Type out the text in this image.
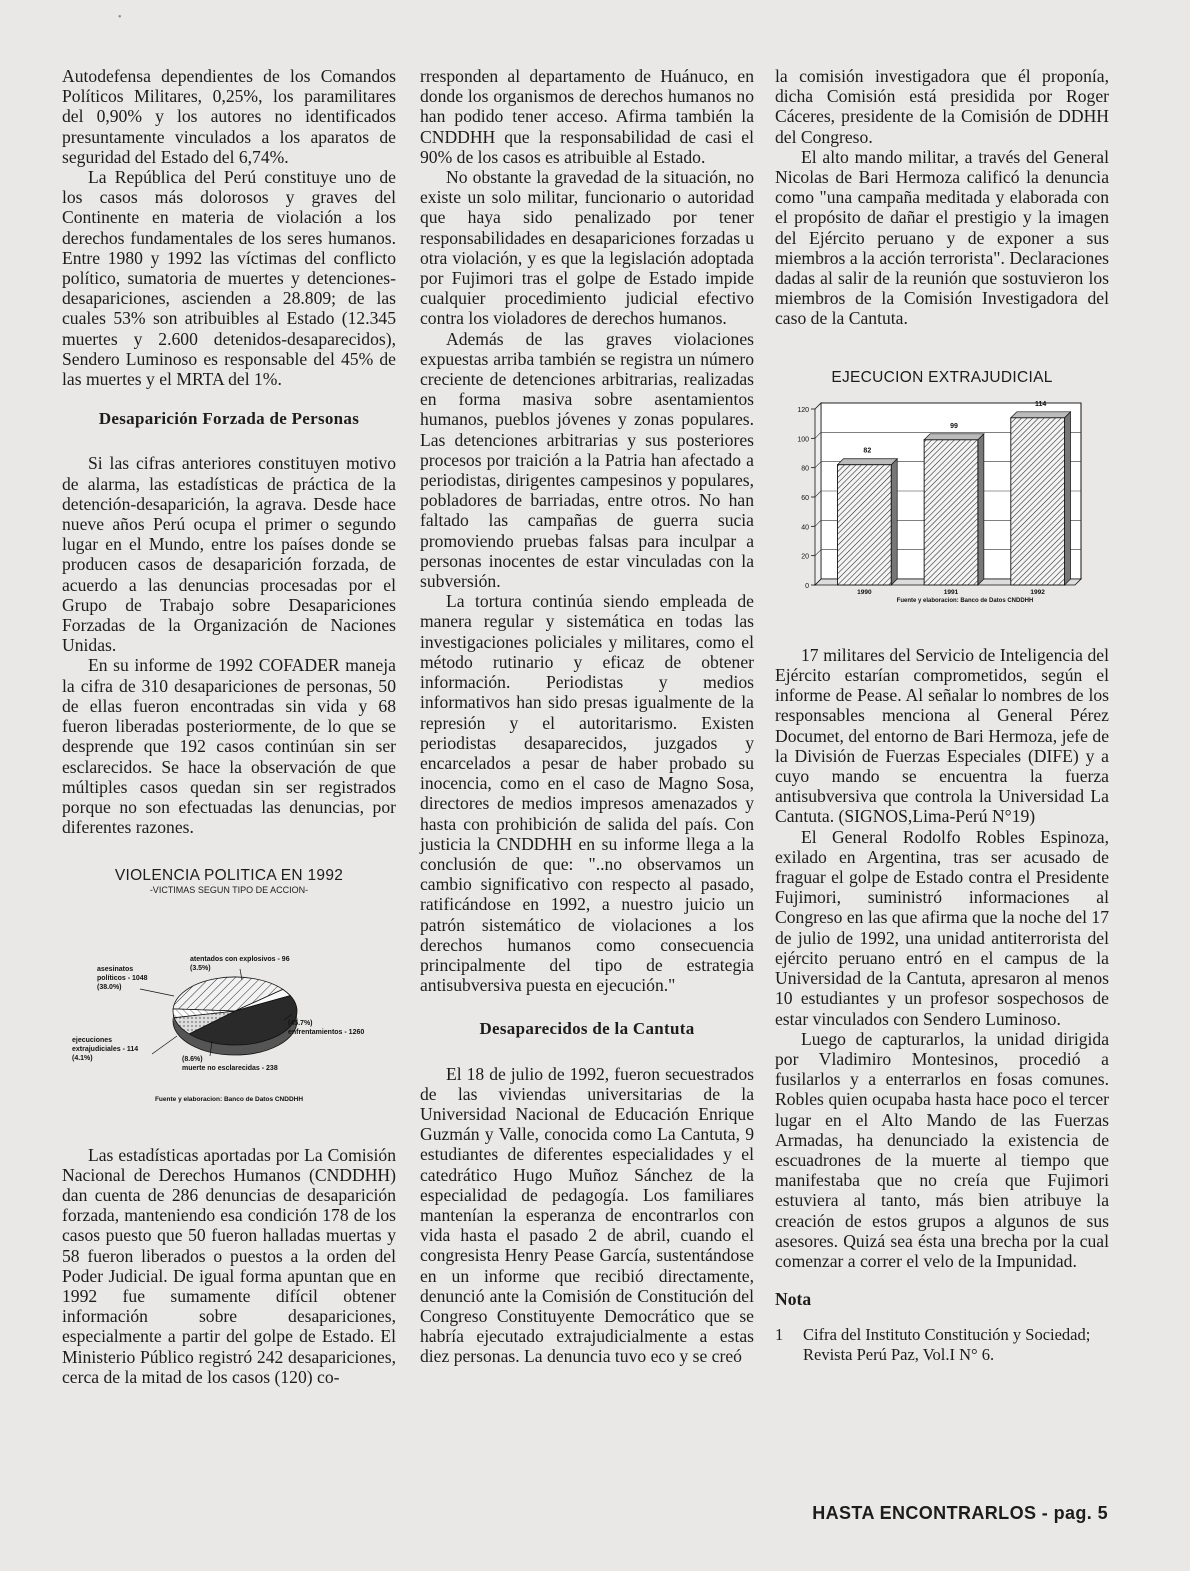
•

Autodefensa dependientes de los Comandos Políticos Militares, 0,25%, los paramilitares del 0,90% y los autores no identificados presuntamente vinculados a los aparatos de seguridad del Estado del 6,74%.

La República del Perú constituye uno de los casos más dolorosos y graves del Continente en materia de violación a los derechos fundamentales de los seres humanos. Entre 1980 y 1992 las víctimas del conflicto político, sumatoria de muertes y detenciones-desapariciones, ascienden a 28.809; de las cuales 53% son atribuibles al Estado (12.345 muertes y 2.600 detenidos-desaparecidos), Sendero Luminoso es responsable del 45% de las muertes y el MRTA del 1%.

Desaparición Forzada de Personas

Si las cifras anteriores constituyen motivo de alarma, las estadísticas de práctica de la detención-desaparición, la agrava. Desde hace nueve años Perú ocupa el primer o segundo lugar en el Mundo, entre los países donde se producen casos de desaparición forzada, de acuerdo a las denuncias procesadas por el Grupo de Trabajo sobre Desapariciones Forzadas de la Organización de Naciones Unidas.

En su informe de 1992 COFADER maneja la cifra de 310 desapariciones de personas, 50 de ellas fueron encontradas sin vida y 68 fueron liberadas posteriormente, de lo que se desprende que 192 casos continúan sin ser esclarecidos. Se hace la observación de que múltiples casos quedan sin ser registrados porque no son efectuadas las denuncias, por diferentes razones.

VIOLENCIA POLITICA EN 1992
-VICTIMAS SEGUN TIPO DE ACCION-
asesinatos políticos - 1048 (38.0%)
atentados con explosivos - 96 (3.5%)
(45.7%) enfrentamientos - 1260
(8.6%) muerte no esclarecidas - 238
ejecuciones extrajudiciales - 114 (4.1%)
Fuente y elaboracion: Banco de Datos CNDDHH

Las estadísticas aportadas por La Comisión Nacional de Derechos Humanos (CNDDHH) dan cuenta de 286 denuncias de desaparición forzada, manteniendo esa condición 178 de los casos puesto que 50 fueron halladas muertas y 58 fueron liberados o puestos a la orden del Poder Judicial. De igual forma apuntan que en 1992 fue sumamente difícil obtener información sobre desapariciones, especialmente a partir del golpe de Estado. El Ministerio Público registró 242 desapariciones, cerca de la mitad de los casos (120) co-

rresponden al departamento de Huánuco, en donde los organismos de derechos humanos no han podido tener acceso. Afirma también la CNDDHH que la responsabilidad de casi el 90% de los casos es atribuible al Estado.

No obstante la gravedad de la situación, no existe un solo militar, funcionario o autoridad que haya sido penalizado por tener responsabilidades en desapariciones forzadas u otra violación, y es que la legislación adoptada por Fujimori tras el golpe de Estado impide cualquier procedimiento judicial efectivo contra los violadores de derechos humanos.

Además de las graves violaciones expuestas arriba también se registra un número creciente de detenciones arbitrarias, realizadas en forma masiva sobre asentamientos humanos, pueblos jóvenes y zonas populares. Las detenciones arbitrarias y sus posteriores procesos por traición a la Patria han afectado a periodistas, dirigentes campesinos y populares, pobladores de barriadas, entre otros. No han faltado las campañas de guerra sucia promoviendo pruebas falsas para inculpar a personas inocentes de estar vinculadas con la subversión.

La tortura continúa siendo empleada de manera regular y sistemática en todas las investigaciones policiales y militares, como el método rutinario y eficaz de obtener información. Periodistas y medios informativos han sido presas igualmente de la represión y el autoritarismo. Existen periodistas desaparecidos, juzgados y encarcelados a pesar de haber probado su inocencia, como en el caso de Magno Sosa, directores de medios impresos amenazados y hasta con prohibición de salida del país. Con justicia la CNDDHH en su informe llega a la conclusión de que: "..no observamos un cambio significativo con respecto al pasado, ratificándose en 1992, a nuestro juicio un patrón sistemático de violaciones a los derechos humanos como consecuencia principalmente del tipo de estrategia antisubversiva puesta en ejecución."

Desaparecidos de la Cantuta

El 18 de julio de 1992, fueron secuestrados de las viviendas universitarias de la Universidad Nacional de Educación Enrique Guzmán y Valle, conocida como La Cantuta, 9 estudiantes de diferentes especialidades y el catedrático Hugo Muñoz Sánchez de la especialidad de pedagogía. Los familiares mantenían la esperanza de encontrarlos con vida hasta el pasado 2 de abril, cuando el congresista Henry Pease García, sustentándose en un informe que recibió directamente, denunció ante la Comisión de Constitución del Congreso Constituyente Democrático que se habría ejecutado extrajudicialmente a estas diez personas. La denuncia tuvo eco y se creó

la comisión investigadora que él proponía, dicha Comisión está presidida por Roger Cáceres, presidente de la Comisión de DDHH del Congreso.

El alto mando militar, a través del General Nicolas de Bari Hermoza calificó la denuncia como "una campaña meditada y elaborada con el propósito de dañar el prestigio y la imagen del Ejército peruano y de exponer a sus miembros a la acción terrorista". Declaraciones dadas al salir de la reunión que sostuvieron los miembros de la Comisión Investigadora del caso de la Cantuta.

EJECUCION EXTRAJUDICIAL
0
20
40
60
80
100
120
82
1990
99
1991
114
1992
Fuente y elaboracion: Banco de Datos CNDDHH

17 militares del Servicio de Inteligencia del Ejército estarían comprometidos, según el informe de Pease. Al señalar lo nombres de los responsables menciona al General Pérez Documet, del entorno de Bari Hermoza, jefe de la División de Fuerzas Especiales (DIFE) y a cuyo mando se encuentra la fuerza antisubversiva que controla la Universidad La Cantuta. (SIGNOS,Lima-Perú N°19)

El General Rodolfo Robles Espinoza, exilado en Argentina, tras ser acusado de fraguar el golpe de Estado contra el Presidente Fujimori, suministró informaciones al Congreso en las que afirma que la noche del 17 de julio de 1992, una unidad antiterrorista del ejército peruano entró en el campus de la Universidad de la Cantuta, apresaron al menos 10 estudiantes y un profesor sospechosos de estar vinculados con Sendero Luminoso.

Luego de capturarlos, la unidad dirigida por Vladimiro Montesinos, procedió a fusilarlos y a enterrarlos en fosas comunes. Robles quien ocupaba hasta hace poco el tercer lugar en el Alto Mando de las Fuerzas Armadas, ha denunciado la existencia de escuadrones de la muerte al tiempo que manifestaba que no creía que Fujimori estuviera al tanto, más bien atribuye la creación de estos grupos a algunos de sus asesores. Quizá sea ésta una brecha por la cual comenzar a correr el velo de la Impunidad.

Nota
1	Cifra del Instituto Constitución y Sociedad; Revista Perú Paz, Vol.I N° 6.
HASTA ENCONTRARLOS - pag. 5
